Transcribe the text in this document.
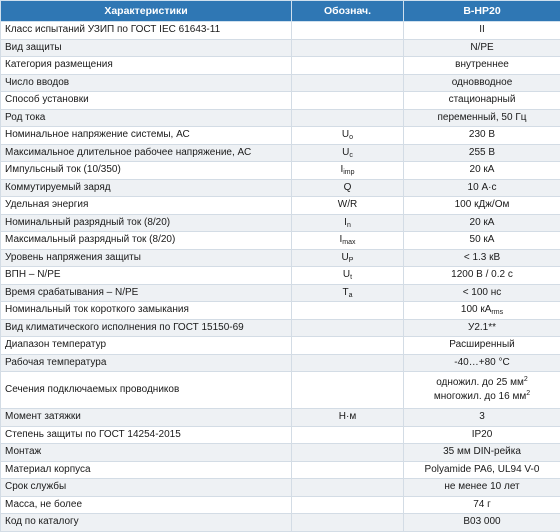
Характеристики	Обознач.	B-HP20
Класс испытаний УЗИП по ГОСТ IEC 61643-11		II
Вид защиты		N/PE
Категория размещения		внутреннее
Число вводов		одновводное
Способ установки		стационарный
Род тока		переменный, 50 Гц
Номинальное напряжение системы, АС	$U_o$	230 В
Максимальное длительное рабочее напряжение, АС	$U_c$	255 В
Импульсный ток (10/350)	$I_{imp}$	20 кА
Коммутируемый заряд	Q	10 А·с
Удельная энергия	W/R	100 кДж/Ом
Номинальный разрядный ток (8/20)	$I_n$	20 кА
Максимальный разрядный ток (8/20)	$I_{max}$	50 кА
Уровень напряжения защиты	$U_P$	< 1.3 кВ
ВПН – N/PE	$U_t$	1200 В / 0.2 с
Время срабатывания – N/PE	$T_a$	< 100 нс
Номинальный ток короткого замыкания		100 $кА_{rms}$
Вид климатического исполнения по ГОСТ 15150-69		У2.1**
Диапазон температур		Расширенный
Рабочая температура		-40…+80 °C
Сечения подключаемых проводников		одножил. до 25 $мм^2$
многожил. до 16 $мм^2$

Момент затяжки	Н·м	3
Степень защиты по ГОСТ 14254-2015		IP20
Монтаж		35 мм DIN-рейка
Материал корпуса		Polyamide PA6, UL94 V-0
Срок службы		не менее 10 лет
Масса, не более		74 г
Код по каталогу		B03 000
